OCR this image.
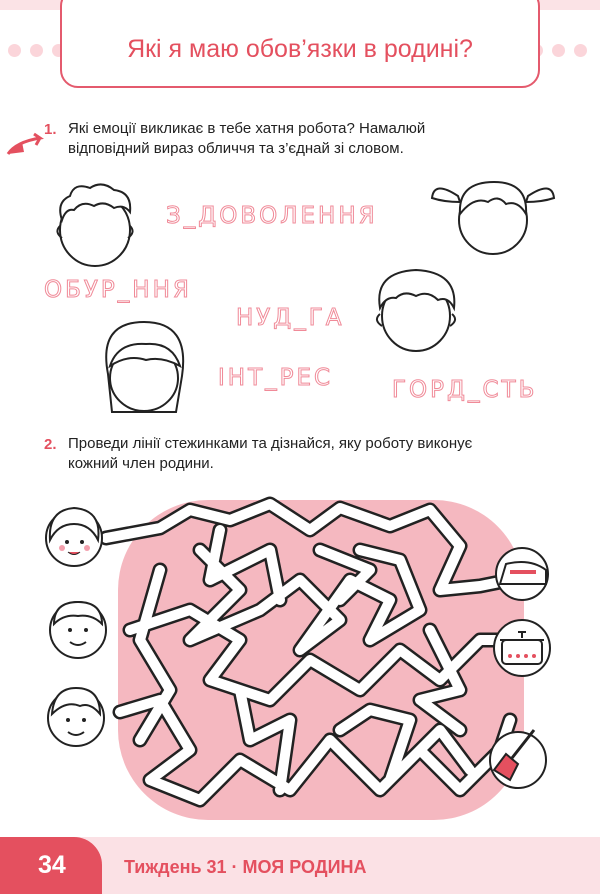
Які я маю обов’язки в родині?
1. Які емоції викликає в тебе хатня робота? Намалюй
відповідний вираз обличчя та з’єднай зі словом.
З_ДОВОЛЕННЯ
ОБУР_ННЯ
НУД_ГА
ІНТ_РЕС	ГОРД_СТЬ
2. Проведи лінії стежинками та дізнайся, яку роботу виконує
кожний член родини.
34	Тиждень 31 · МОЯ РОДИНА
